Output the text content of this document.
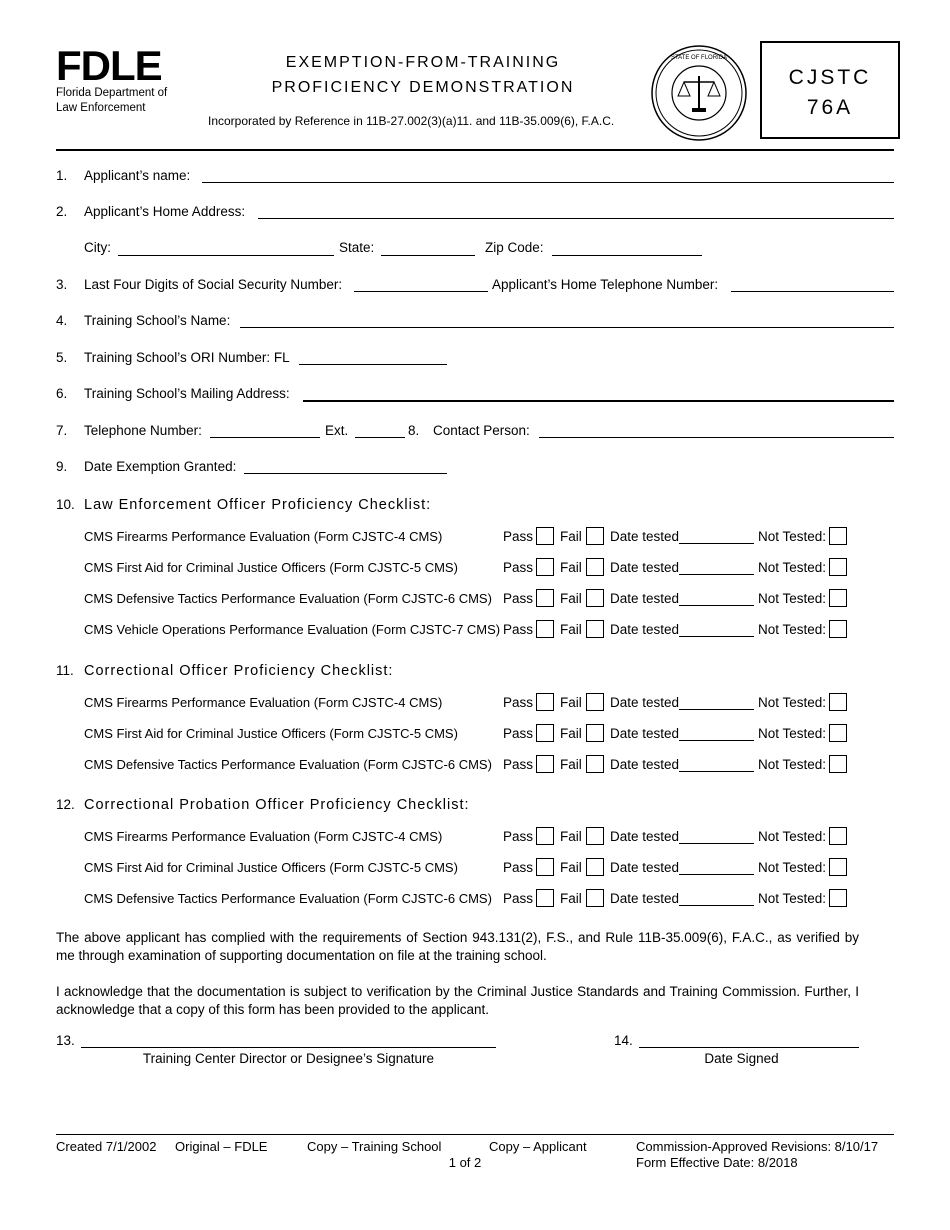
FDLE
Florida Department of
Law Enforcement
EXEMPTION-FROM-TRAINING
PROFICIENCY DEMONSTRATION
Incorporated by Reference in 11B-27.002(3)(a)11. and 11B-35.009(6), F.A.C.
STATE OF FLORIDA
CJSTC
76A
1. Applicant’s name:
2. Applicant’s Home Address:
City:	State:	Zip Code:
3. Last Four Digits of Social Security Number:	Applicant’s Home Telephone Number:
4. Training School’s Name:
5. Training School’s ORI Number: FL
6. Training School’s Mailing Address:
7. Telephone Number:	Ext.	8. Contact Person:
9. Date Exemption Granted:
10. Law Enforcement Officer Proficiency Checklist:
CMS Firearms Performance Evaluation (Form CJSTC-4 CMS)	Pass Fail Date tested	Not Tested:
CMS First Aid for Criminal Justice Officers (Form CJSTC-5 CMS)	Pass Fail Date tested	Not Tested:
CMS Defensive Tactics Performance Evaluation (Form CJSTC-6 CMS) Pass Fail Date tested	Not Tested:
CMS Vehicle Operations Performance Evaluation (Form CJSTC-7 CMS) Pass Fail Date tested	Not Tested:
11. Correctional Officer Proficiency Checklist:
CMS Firearms Performance Evaluation (Form CJSTC-4 CMS)	Pass Fail Date tested	Not Tested:
CMS First Aid for Criminal Justice Officers (Form CJSTC-5 CMS)	Pass Fail Date tested	Not Tested:
CMS Defensive Tactics Performance Evaluation (Form CJSTC-6 CMS) Pass Fail Date tested	Not Tested:
12. Correctional Probation Officer Proficiency Checklist:
CMS Firearms Performance Evaluation (Form CJSTC-4 CMS)	Pass Fail Date tested	Not Tested:
CMS First Aid for Criminal Justice Officers (Form CJSTC-5 CMS)	Pass Fail Date tested	Not Tested:
CMS Defensive Tactics Performance Evaluation (Form CJSTC-6 CMS) Pass Fail Date tested	Not Tested:
The above applicant has complied with the requirements of Section 943.131(2), F.S., and Rule 11B-35.009(6), F.A.C., as verified by me through examination of supporting documentation on file at the training school.
I acknowledge that the documentation is subject to verification by the Criminal Justice Standards and Training Commission. Further, I acknowledge that a copy of this form has been provided to the applicant.
13.
Training Center Director or Designee’s Signature
14.
Date Signed
Created 7/1/2002 Original – FDLE	Copy – Training School	Copy – Applicant	Commission-Approved Revisions: 8/10/17
Form Effective Date: 8/2018
1 of 2
